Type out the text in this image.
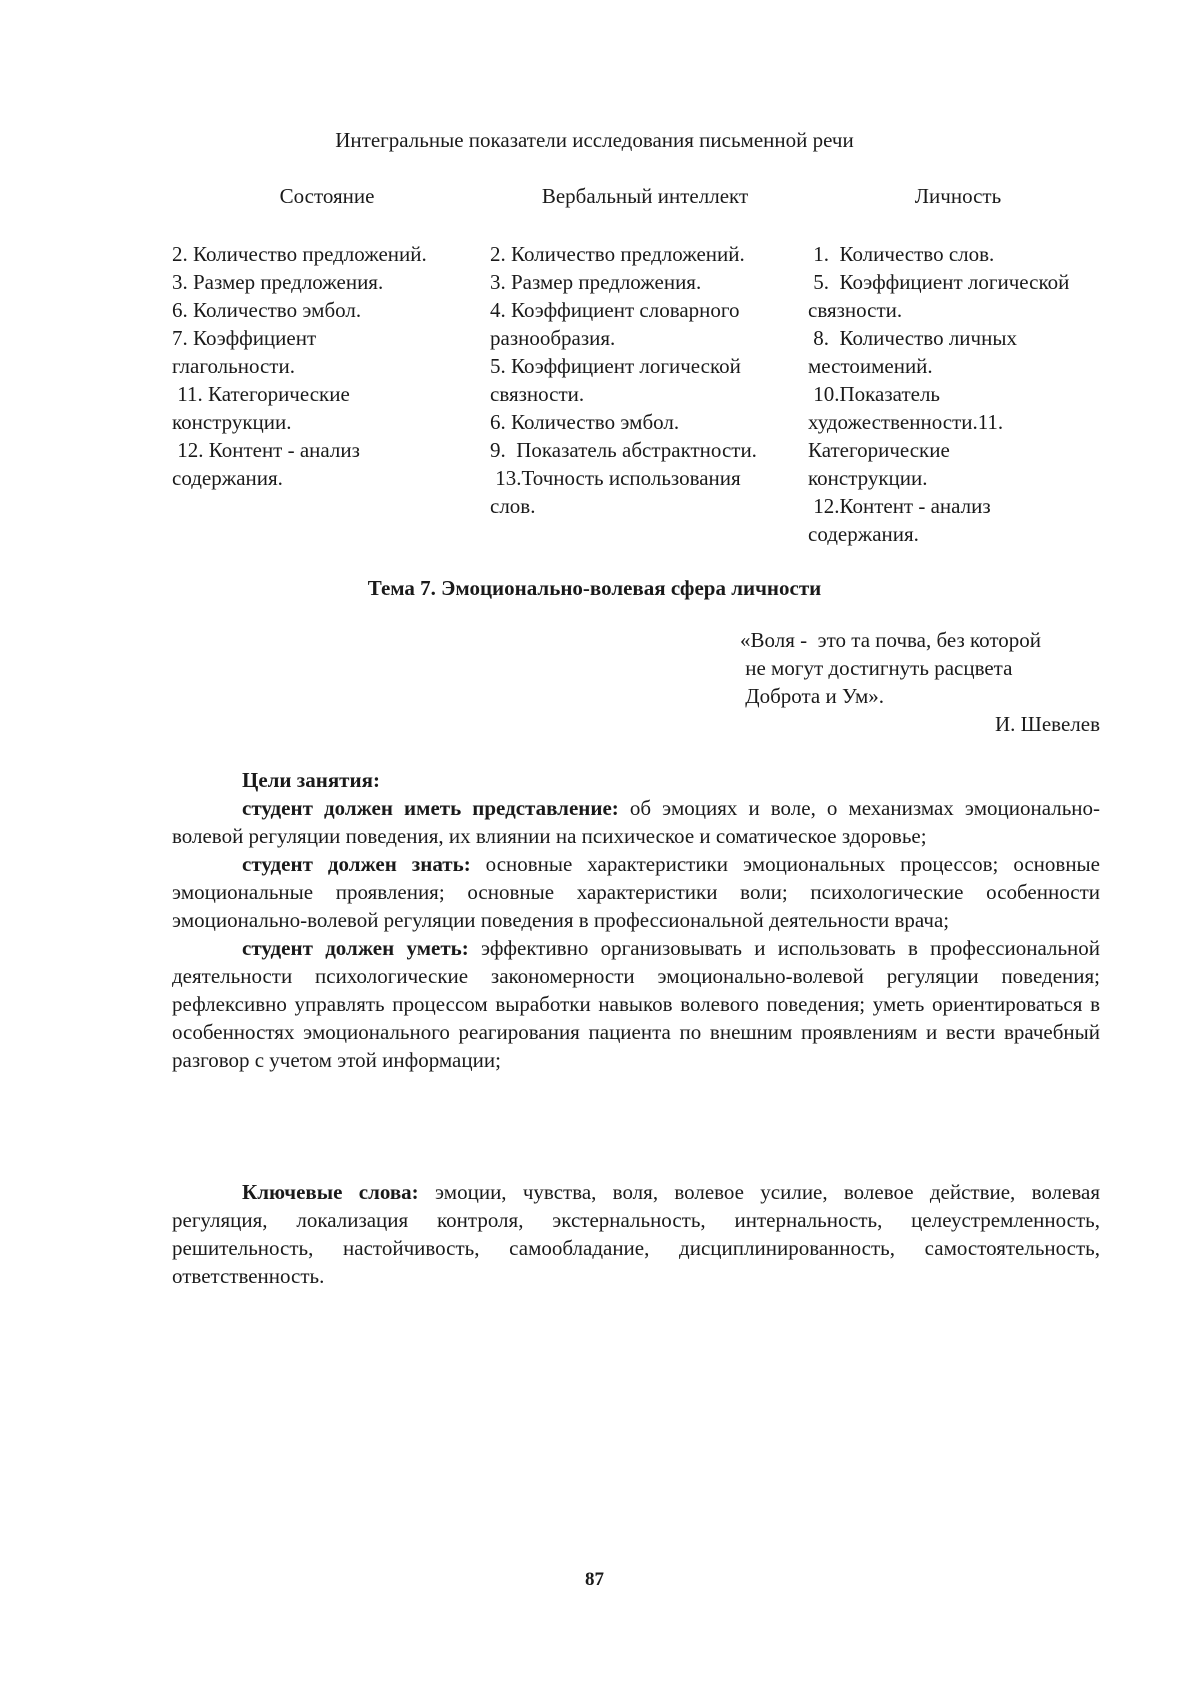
Интегральные показатели исследования письменной речи
Состояние	Вербальный интеллект	Личность
2. Количество предложений.
3. Размер предложения.
6. Количество эмбол.
7. Коэффициент глагольности.
11. Категорические конструкции.
12. Контент - анализ содержания.
2. Количество предложений.
3. Размер предложения.
4. Коэффициент словарного разнообразия.
5. Коэффициент логической связности.
6. Количество эмбол.
9.  Показатель абстрактности.
13.Точность использования слов.
1.  Количество слов.
5.  Коэффициент логической связности.
8.  Количество личных местоимений.
10.Показатель художественности.11. Категорические конструкции.
12.Контент - анализ содержания.
Тема 7. Эмоционально-волевая сфера личности
«Воля -  это та почва, без которой
не могут достигнуть расцвета
Доброта и Ум».
И. Шевелев
Цели занятия:

студент должен иметь представление: об эмоциях и воле, о механизмах эмоционально-волевой регуляции поведения, их влиянии на психическое и соматическое здоровье;

студент должен знать: основные характеристики эмоциональных процессов; основные эмоциональные проявления; основные характеристики воли; психологические особенности эмоционально-волевой регуляции поведения в профессиональной деятельности врача;

студент должен уметь: эффективно организовывать и использовать в профессиональной деятельности психологические закономерности эмоционально-волевой регуляции поведения; рефлексивно управлять процессом выработки навыков волевого поведения; уметь ориентироваться в особенностях эмоционального реагирования пациента по внешним проявлениям и вести врачебный разговор с учетом этой информации;

Ключевые слова: эмоции, чувства, воля, волевое усилие, волевое действие, волевая регуляция, локализация контроля, экстернальность, интернальность, целеустремленность, решительность, настойчивость, самообладание, дисциплинированность, самостоятельность, ответственность.

87
